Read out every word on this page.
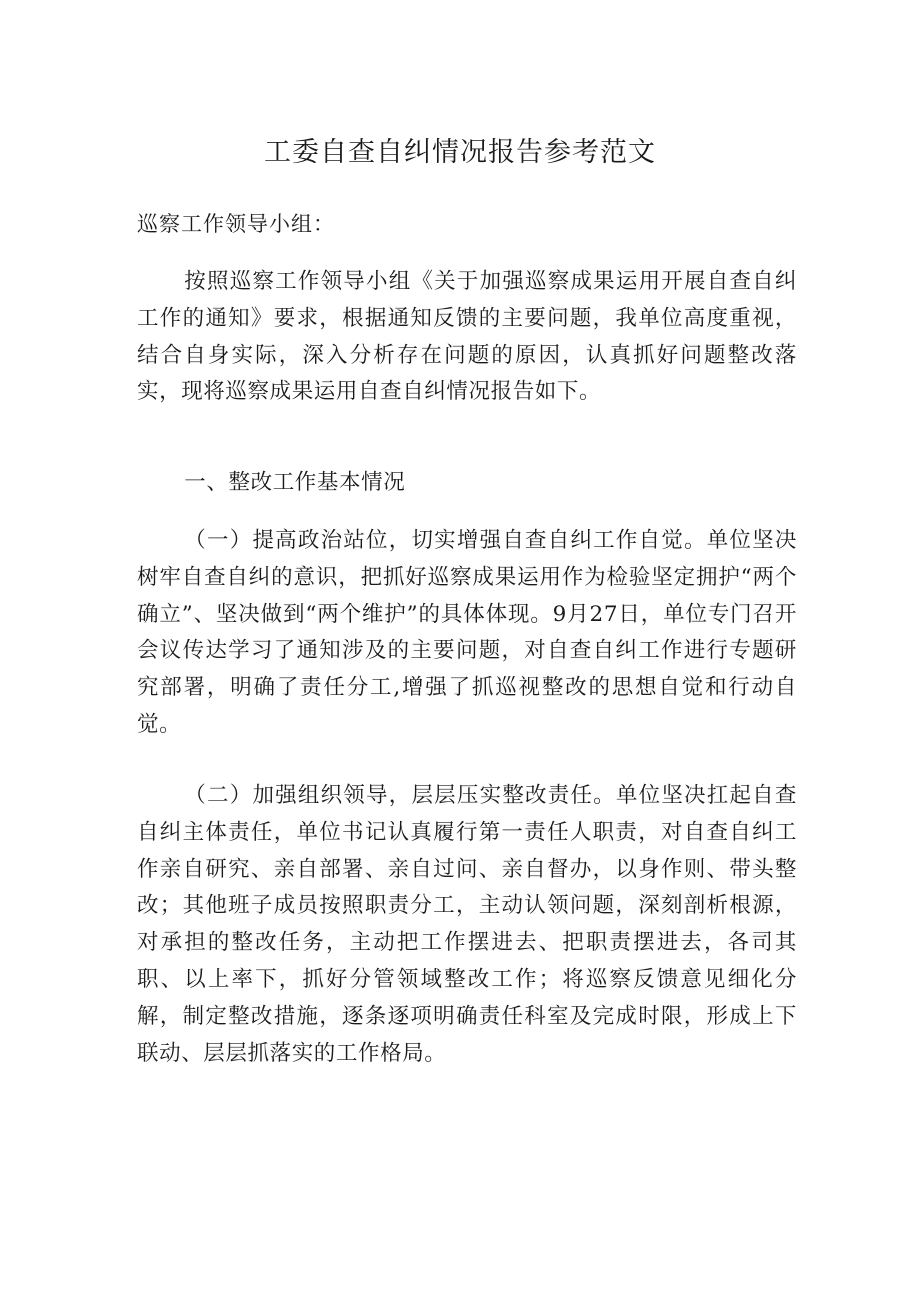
工委自查自纠情况报告参考范文

巡察工作领导小组：

按照巡察工作领导小组《关于加强巡察成果运用开展自查自纠工作的通知》要求，根据通知反馈的主要问题，我单位高度重视，结合自身实际，深入分析存在问题的原因，认真抓好问题整改落实，现将巡察成果运用自查自纠情况报告如下。

一、整改工作基本情况

（一）提高政治站位，切实增强自查自纠工作自觉。单位坚决树牢自查自纠的意识，把抓好巡察成果运用作为检验坚定拥护“两个确立”、坚决做到“两个维护”的具体体现。9月27日，单位专门召开会议传达学习了通知涉及的主要问题，对自查自纠工作进行专题研究部署，明确了责任分工,增强了抓巡视整改的思想自觉和行动自觉。

（二）加强组织领导，层层压实整改责任。单位坚决扛起自查自纠主体责任，单位书记认真履行第一责任人职责，对自查自纠工作亲自研究、亲自部署、亲自过问、亲自督办，以身作则、带头整改；其他班子成员按照职责分工，主动认领问题，深刻剖析根源，对承担的整改任务，主动把工作摆进去、把职责摆进去，各司其职、以上率下，抓好分管领域整改工作；将巡察反馈意见细化分解，制定整改措施，逐条逐项明确责任科室及完成时限，形成上下联动、层层抓落实的工作格局。
